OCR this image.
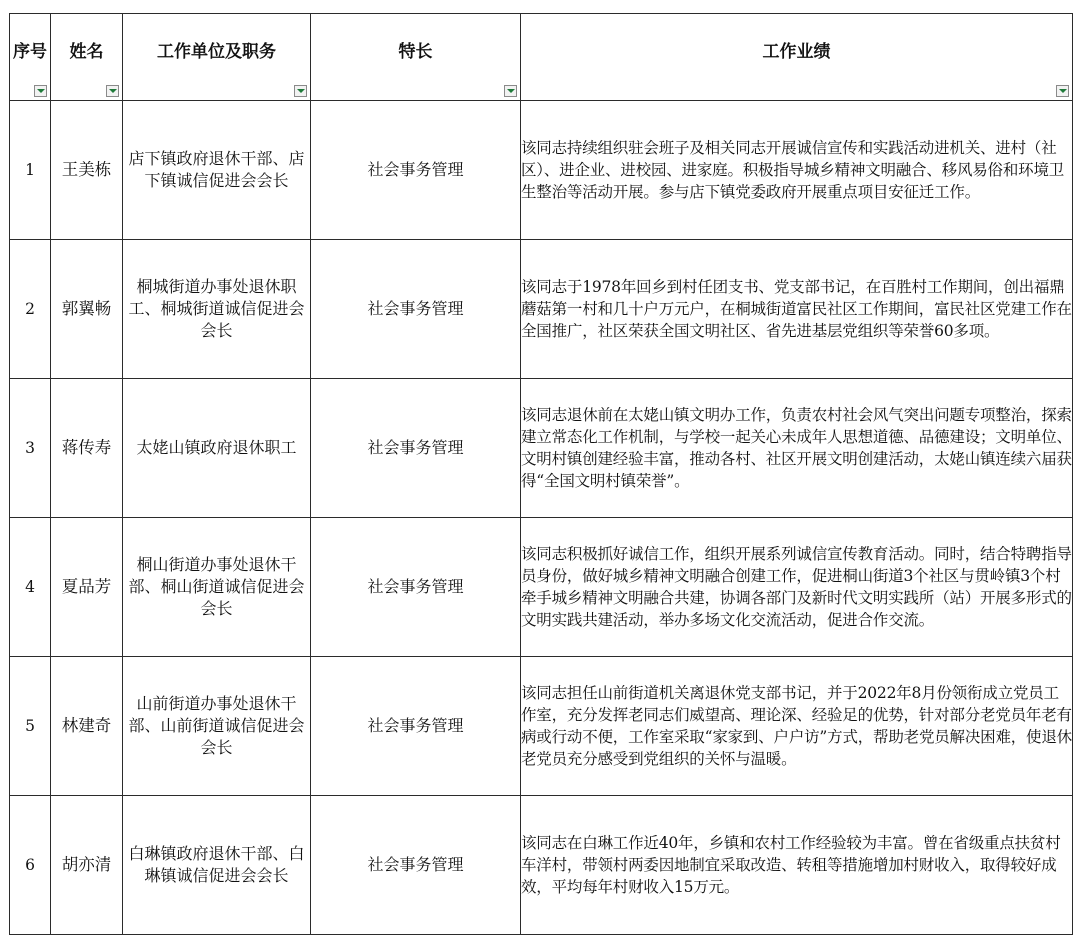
序号	姓名	工作单位及职务	特长	工作业绩

1	王美栋	店下镇政府退休干部、店下镇诚信促进会会长	社会事务管理	该同志持续组织驻会班子及相关同志开展诚信宣传和实践活动进机关、进村（社区）、进企业、进校园、进家庭。积极指导城乡精神文明融合、移风易俗和环境卫生整治等活动开展。参与店下镇党委政府开展重点项目安征迁工作。
2	郭翼畅	桐城街道办事处退休职工、桐城街道诚信促进会会长	社会事务管理	该同志于1978年回乡到村任团支书、党支部书记，在百胜村工作期间，创出福鼎蘑菇第一村和几十户万元户，在桐城街道富民社区工作期间，富民社区党建工作在全国推广，社区荣获全国文明社区、省先进基层党组织等荣誉60多项。
3	蒋传寿	太姥山镇政府退休职工	社会事务管理	该同志退休前在太姥山镇文明办工作，负责农村社会风气突出问题专项整治，探索建立常态化工作机制，与学校一起关心未成年人思想道德、品德建设；文明单位、文明村镇创建经验丰富，推动各村、社区开展文明创建活动，太姥山镇连续六届获得“全国文明村镇荣誉”。
4	夏品芳	桐山街道办事处退休干部、桐山街道诚信促进会会长	社会事务管理	该同志积极抓好诚信工作，组织开展系列诚信宣传教育活动。同时，结合特聘指导员身份，做好城乡精神文明融合创建工作，促进桐山街道3个社区与贯岭镇3个村牵手城乡精神文明融合共建，协调各部门及新时代文明实践所（站）开展多形式的文明实践共建活动，举办多场文化交流活动，促进合作交流。
5	林建奇	山前街道办事处退休干部、山前街道诚信促进会会长	社会事务管理	该同志担任山前街道机关离退休党支部书记，并于2022年8月份领衔成立党员工作室，充分发挥老同志们威望高、理论深、经验足的优势，针对部分老党员年老有病或行动不便，工作室采取“家家到、户户访”方式，帮助老党员解决困难，使退休老党员充分感受到党组织的关怀与温暖。
6	胡亦清	白琳镇政府退休干部、白琳镇诚信促进会会长	社会事务管理	该同志在白琳工作近40年，乡镇和农村工作经验较为丰富。曾在省级重点扶贫村车洋村，带领村两委因地制宜采取改造、转租等措施增加村财收入，取得较好成效，平均每年村财收入15万元。
